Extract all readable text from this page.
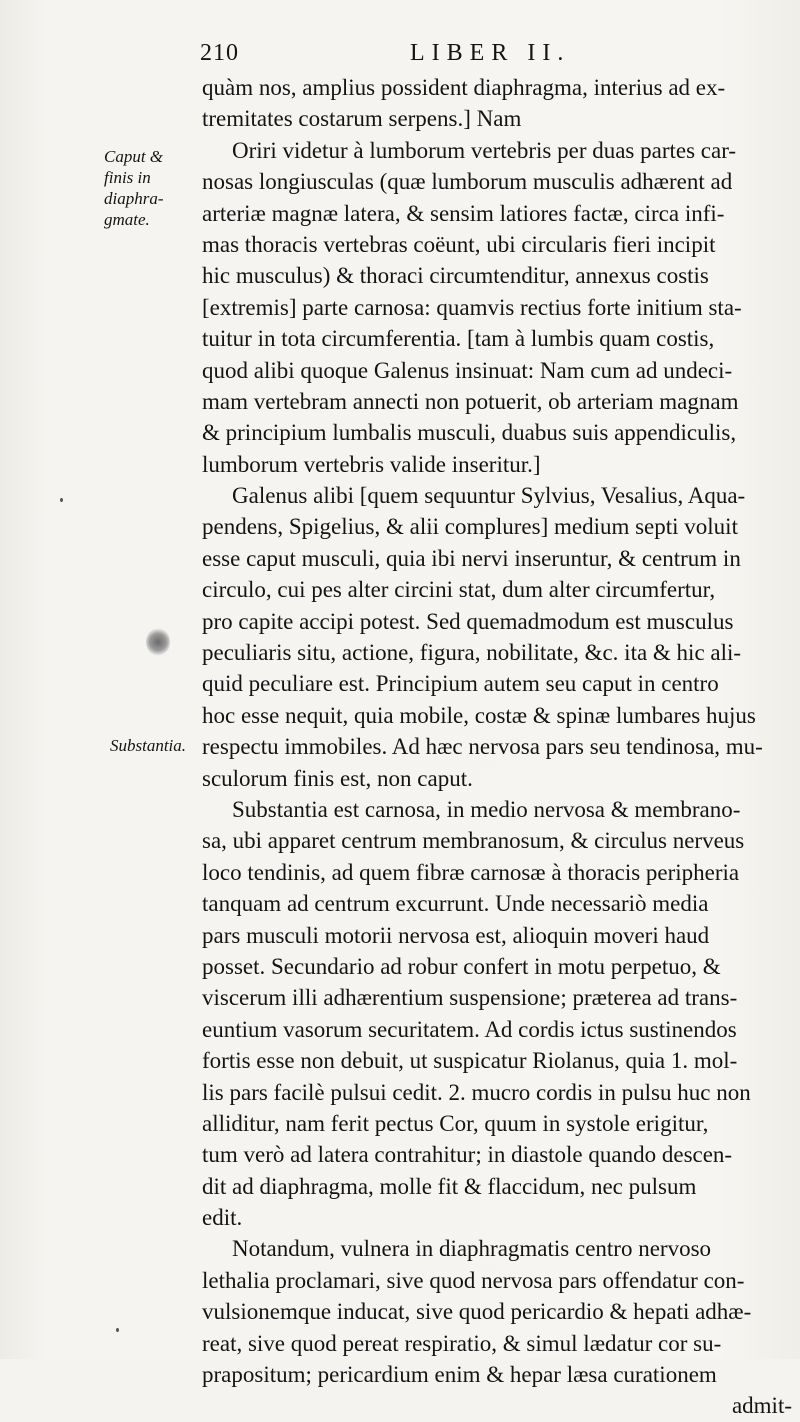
210	LIBER II.
Caput &
finis in
diaphra-
gmate.
Substantia.
quàm nos, amplius possident diaphragma, interius ad ex-
tremitates costarum serpens.] Nam
Oriri videtur à lumborum vertebris per duas partes car-
nosas longiusculas (quæ lumborum musculis adhærent ad
arteriæ magnæ latera, & sensim latiores factæ, circa infi-
mas thoracis vertebras coëunt, ubi circularis fieri incipit
hic musculus) & thoraci circumtenditur, annexus costis
[extremis] parte carnosa: quamvis rectius forte initium sta-
tuitur in tota circumferentia. [tam à lumbis quam costis,
quod alibi quoque Galenus insinuat: Nam cum ad undeci-
mam vertebram annecti non potuerit, ob arteriam magnam
& principium lumbalis musculi, duabus suis appendiculis,
lumborum vertebris valide inseritur.]
Galenus alibi [quem sequuntur Sylvius, Vesalius, Aqua-
pendens, Spigelius, & alii complures] medium septi voluit
esse caput musculi, quia ibi nervi inseruntur, & centrum in
circulo, cui pes alter circini stat, dum alter circumfertur,
pro capite accipi potest. Sed quemadmodum est musculus
peculiaris situ, actione, figura, nobilitate, &c. ita & hic ali-
quid peculiare est. Principium autem seu caput in centro
hoc esse nequit, quia mobile, costæ & spinæ lumbares hujus
respectu immobiles. Ad hæc nervosa pars seu tendinosa, mu-
sculorum finis est, non caput.
Substantia est carnosa, in medio nervosa & membrano-
sa, ubi apparet centrum membranosum, & circulus nerveus
loco tendinis, ad quem fibræ carnosæ à thoracis peripheria
tanquam ad centrum excurrunt. Unde necessariò media
pars musculi motorii nervosa est, alioquin moveri haud
posset. Secundario ad robur confert in motu perpetuo, &
viscerum illi adhærentium suspensione; præterea ad trans-
euntium vasorum securitatem. Ad cordis ictus sustinendos
fortis esse non debuit, ut suspicatur Riolanus, quia 1. mol-
lis pars facilè pulsui cedit. 2. mucro cordis in pulsu huc non
alliditur, nam ferit pectus Cor, quum in systole erigitur,
tum verò ad latera contrahitur; in diastole quando descen-
dit ad diaphragma, molle fit & flaccidum, nec pulsum
edit.
Notandum, vulnera in diaphragmatis centro nervoso
lethalia proclamari, sive quod nervosa pars offendatur con-
vulsionemque inducat, sive quod pericardio & hepati adhæ-
reat, sive quod pereat respiratio, & simul lædatur cor su-
prapositum; pericardium enim & hepar læsa curationem
admit-
